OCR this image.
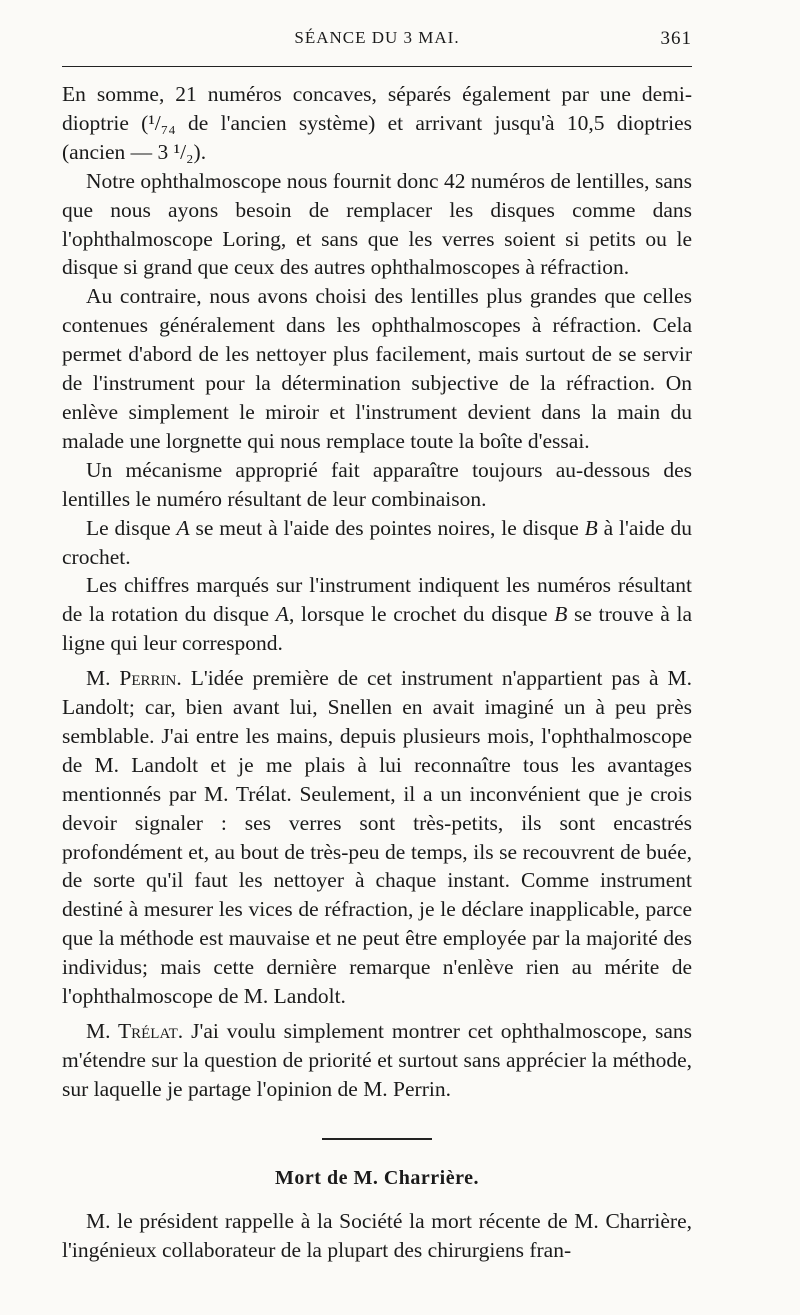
SÉANCE DU 3 MAI.	361

En somme, 21 numéros concaves, séparés également par une demi-dioptrie (¹/₇₄ de l'ancien système) et arrivant jusqu'à 10,5 dioptries (ancien — 3 ¹/₂).

Notre ophthalmoscope nous fournit donc 42 numéros de lentilles, sans que nous ayons besoin de remplacer les disques comme dans l'ophthalmoscope Loring, et sans que les verres soient si petits ou le disque si grand que ceux des autres ophthalmoscopes à réfraction.

Au contraire, nous avons choisi des lentilles plus grandes que celles contenues généralement dans les ophthalmoscopes à réfraction. Cela permet d'abord de les nettoyer plus facilement, mais surtout de se servir de l'instrument pour la détermination subjective de la réfraction. On enlève simplement le miroir et l'instrument devient dans la main du malade une lorgnette qui nous remplace toute la boîte d'essai.

Un mécanisme approprié fait apparaître toujours au-dessous des lentilles le numéro résultant de leur combinaison.

Le disque A se meut à l'aide des pointes noires, le disque B à l'aide du crochet.

Les chiffres marqués sur l'instrument indiquent les numéros résultant de la rotation du disque A, lorsque le crochet du disque B se trouve à la ligne qui leur correspond.

M. Perrin. L'idée première de cet instrument n'appartient pas à M. Landolt; car, bien avant lui, Snellen en avait imaginé un à peu près semblable. J'ai entre les mains, depuis plusieurs mois, l'ophthalmoscope de M. Landolt et je me plais à lui reconnaître tous les avantages mentionnés par M. Trélat. Seulement, il a un inconvénient que je crois devoir signaler : ses verres sont très-petits, ils sont encastrés profondément et, au bout de très-peu de temps, ils se recouvrent de buée, de sorte qu'il faut les nettoyer à chaque instant. Comme instrument destiné à mesurer les vices de réfraction, je le déclare inapplicable, parce que la méthode est mauvaise et ne peut être employée par la majorité des individus; mais cette dernière remarque n'enlève rien au mérite de l'ophthalmoscope de M. Landolt.

M. Trélat. J'ai voulu simplement montrer cet ophthalmoscope, sans m'étendre sur la question de priorité et surtout sans apprécier la méthode, sur laquelle je partage l'opinion de M. Perrin.

Mort de M. Charrière.

M. le président rappelle à la Société la mort récente de M. Charrière, l'ingénieux collaborateur de la plupart des chirurgiens fran-
